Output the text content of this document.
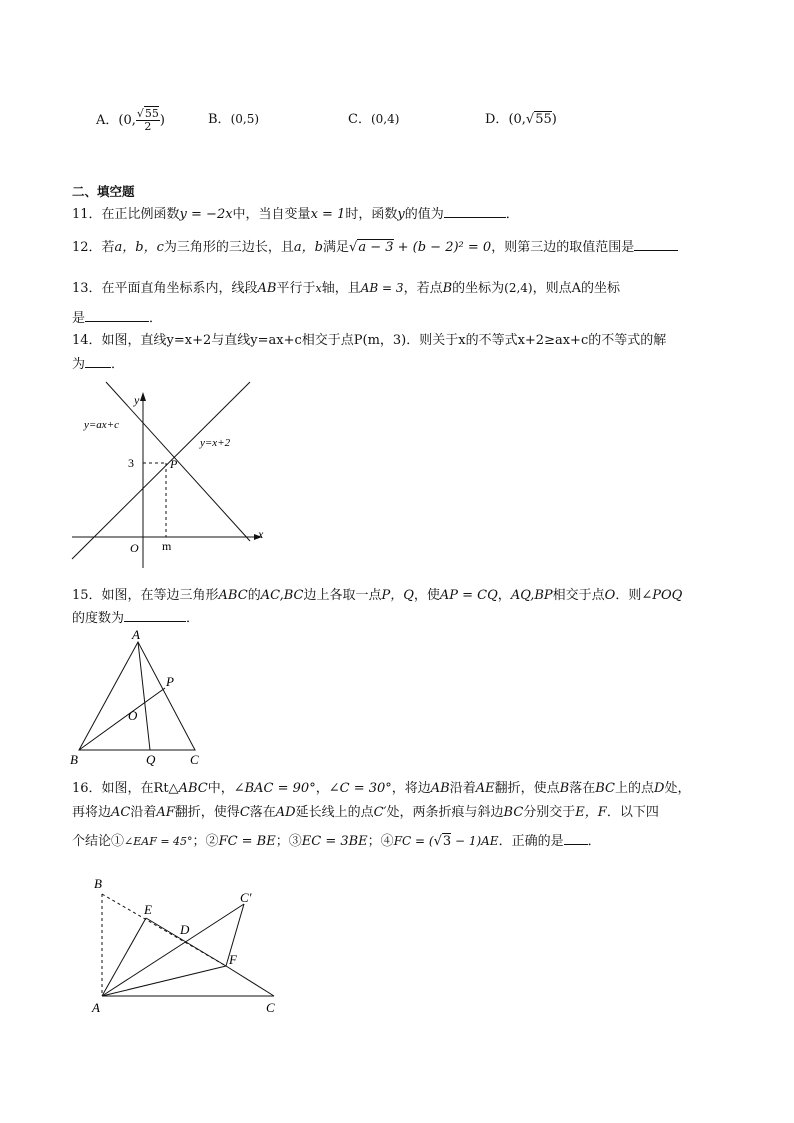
A．(0, $\frac{√55}{2}$ )	B．(0,5)	C．(0,4)	D．(0,√55)
二、填空题
11．在正比例函数y = −2x中，当自变量x = 1时，函数y的值为	．
12．若a，b，c为三角形的三边长，且a，b满足√a − 3 + (b − 2)² = 0，则第三边的取值范围是
13．在平面直角坐标系内，线段AB平行于x轴，且AB = 3，若点B的坐标为(2,4)，则点A的坐标
是	．
14．如图，直线y=x+2与直线y=ax+c相交于点P(m，3)．则关于x的不等式x+2≥ax+c的不等式的解
为 ．
y
x
O m
3	P
y=ax+c
y=x+2
15．如图，在等边三角形ABC的AC,BC边上各取一点P，Q，使AP = CQ，AQ,BP相交于点O．则∠POQ
的度数为	．
A
B	C
P
Q
O
16．如图，在Rt△ABC中，∠BAC = 90°，∠C = 30°，将边AB沿着AE翻折，使点B落在BC上的点D处，
再将边AC沿着AF翻折，使得C落在AD延长线上的点C′处，两条折痕与斜边BC分别交于E，F．以下四
个结论①∠EAF = 45°；②FC = BE；③EC = 3BE；④FC = (√3 − 1)AE．正确的是 ．
B
A	C
E
D
F
C′
